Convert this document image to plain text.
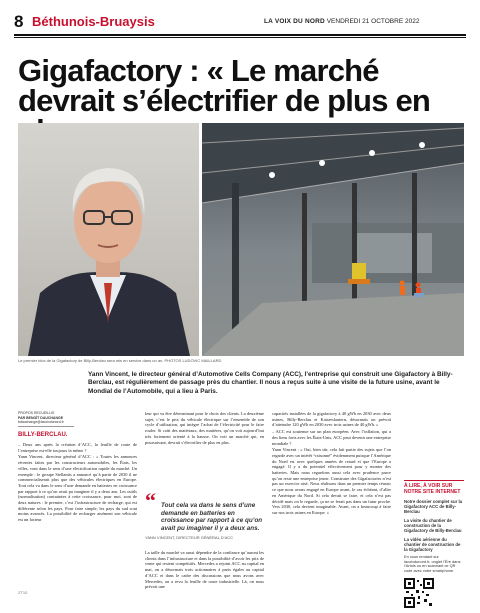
8 Béthunois-Bruaysis	LA VOIX DU NORD VENDREDI 21 OCTOBRE 2022
Gigafactory : « Le marché devrait s’électrifier de plus en
Le premier bloc de la Gigafactory de Billy-Berclau sera mis en service dans un an. PHOTOS LUDOVIC MAILLARD

Yann Vincent, le directeur général d’Automotive Cells Company (ACC), l’entreprise qui construit une Gigafactory à Billy-Berclau, est régulièrement de passage près du chantier. Il nous a reçus suite à une visite de la future usine, avant le Mondial de l’Automobile, qui a lieu à Paris.

PROPOS RECUEILLIS
PAR BENOÎT DAUCHANGE
bdauchange@lavoixdunord.fr
BILLY-BERCLAU.

– Deux ans après la création d’ACC, la feuille de route de l’entreprise est-elle toujours la même ?

Yann Vincent, directeur général d’ACC : « Toutes les annonces récentes faites par les constructeurs automobiles, les États, les villes, vont dans le sens d’une électrification rapide du marché. Un exemple : le groupe Stellantis a annoncé qu’à partir de 2030 il ne commercialiserait plus que des véhicules électriques en Europe. Tout cela va dans le sens d’une demande en batteries en croissance par rapport à ce qu’on avait pu imaginer il y a deux ans. Les outils (normalisation) contraintes à cette croissance, pour moi, sont de deux natures : le premier, c’est l’infrastructure de recharge, qui est différente selon les pays. Pour faire simple, les pays du sud sont moins avancés. La possibilité de recharger aisément son véhicule est un facteur

leur qui va être déterminant pour le choix des clients. La deuxième sujet, c’est le prix du véhicule électrique sur l’ensemble de son cycle d’utilisation, qui intègre l’achat de l’électricité pour le faire rouler. Si coût des matériaux, des matières, qu’on voit aujourd’hui très fortement orienté à la hausse. On voit un marché qui, en poursuivant, devrait s’électrifier de plus en plus.

“ Tout cela va dans le sens d’une demande en batteries en croissance par rapport à ce qu’on avait pu imaginer il y a deux ans.
YANN VINCENT, DIRECTEUR GÉNÉRAL D’ACC

La taille du marché va aussi dépendre de la confiance qu’auront les clients dans l’infrastructure et dans la possibilité d’avoir les prix de vente qui restent compétitifs. Mercedes a rejoint ACC au capital en mai, on a désormais trois actionnaires à parts égales au capital d’ACC et dans le cadre des discussions que nous avons avec Mercedes, on a revu la feuille de route industrielle. Là, on nous prévoit une

capacités installées de la gigafactory à 40 gWh en 2030 avec deux usines, Billy-Berclau et Kaiserslautern, désormais on prévoit d’atteindre 120 gWh en 2030 avec trois usines de 40 gWh. »

– ACC est soutenue sur un plan européen. Avec l’inflation, qui a des liens forts avec les États-Unis, ACC peut devenir une entreprise mondiale ?

Yann Vincent : « Oui, bien sûr, cela fait partie des sujets que l’on regarde avec un intérêt “raisonné” évidemment puisque l’Amérique du Nord est avec quelques années de retard et que l’Europe a engagé. Il y a du potentiel effectivement pour y monter des batteries. Mais nous regardons aussi cela avec prudence parce qu’on reste une entreprise jeune. Construire des Gigafactories n’est pas un exercice aisé. Nous réalisons dans un premier temps réussir ce que nous avons engagé en Europe avant, le cas échéant, d’aller en Amérique du Nord. Si cela devait se faire, et cela n’est pas décidé mais on le regarde, ça ne se ferait pas dans un futur proche. Vers 2030, cela devient imaginable. Avant, on a beaucoup à faire sur nos trois usines en Europe. »

À LIRE, À VOIR SUR NOTRE SITE INTERNET
Notre dossier complet sur la Gigafactory ACC de Billy-Berclau
La visite du chantier de construction de la Gigafactory de Billy-Berclau
La vidéo aérienne du chantier de construction de la Gigafactory
En vous rendant sur lavoixdunord.fr, onglet l’Ère dans l’Artois ou en scannant ce QR code avec votre smartphone.
ZT10
